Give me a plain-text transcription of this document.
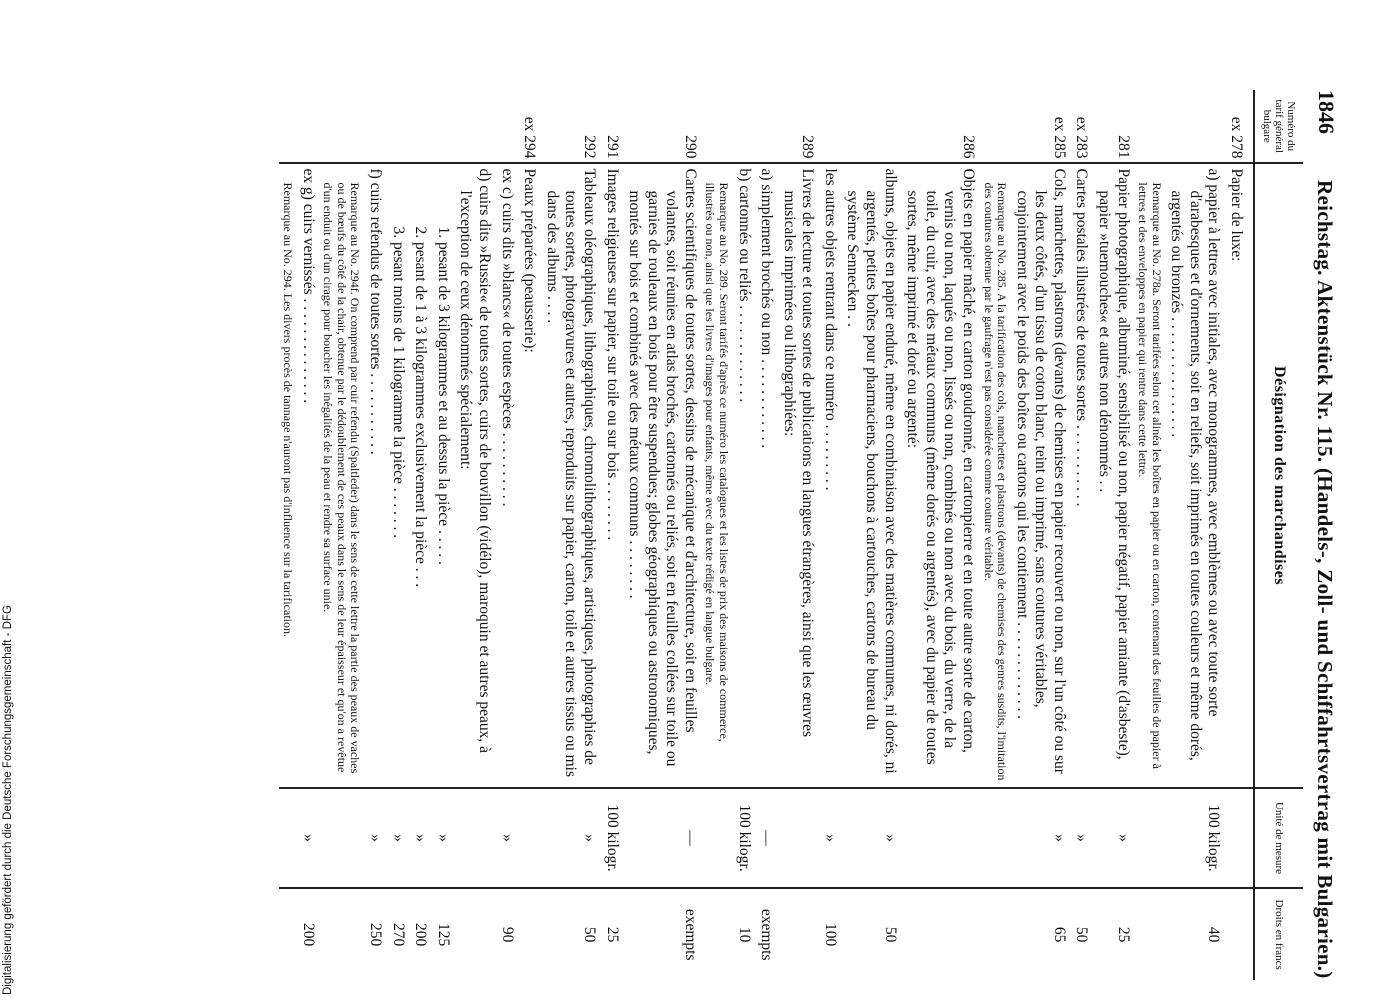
1846
Reichstag. Aktenstück Nr. 115. (Handels-, Zoll- und Schiffahrtsvertrag mit Bulgarien.)
Numéro du tarif général bulgare	Désignation des marchandises	Unité de mesure	Droits en francs
ex 278	Papier de luxe:		

	a) papier à lettres avec initiales, avec monogrammes, avec emblèmes ou avec toute sorte d'arabesques et d'ornements, soit en reliefs, soit imprimés en toutes couleurs et même dorés, argentés ou bronzés . . . . . . . . . . . . . . . .	100 kilogr.	40

	Remarque au No. 278a. Seront tarifées selon cet alinéa les boîtes en papier ou en carton, contenant des feuilles de papier à lettres et des enveloppes en papier qui rentre dans cette lettre.		

281	Papier photographique, albuminé, sensibilisé ou non, papier négatif, papier amiante (d'asbeste), papier »tuemouches« et autres non dénommés . .	»	25
ex 283	Cartes postales illustrées de toutes sortes . . . . . . . . . . .	»	50
ex 285	Cols, manchettes, plastrons (devants) de chemises en papier recouvert ou non, sur l'un côté ou sur les deux côtés, d'un tissu de coton blanc, teint ou imprimé, sans coutures véritables, conjointement avec le poids des boîtes ou cartons qui les contiennent . . . . . . . . . . . . .	»	65

	Remarque au No. 285. A la tarification des cols, manchettes et plastrons (devants) de chemises des genres susdits, l'imitation des coutures obtenue par le gaufrage n'est pas considérée comme couture véritable.		

286	Objets en papier mâché, en carton goudronné, en cartonpierre et en toute autre sorte de carton, vernis ou non, laqués ou non, lissés ou non, combinés ou non avec du bois, du verre, de la toile, du cuir, avec des métaux communs (même dorés ou argentés), avec du papier de toutes sortes, même imprimé et doré ou argenté:		

	albums, objets en papier enduré, même en combinaison avec des matières communes, ni dorés, ni argentés, petites boîtes pour pharmaciens, bouchons à cartouches, cartons de bureau du système Sennecken . .	»	50

	les autres objets rentrant dans ce numéro . . . . . . . . .	»	100
289	Livres de lecture et toutes sortes de publications en langues étrangères, ainsi que les œuvres musicales imprimées ou lithographiées:		

	a) simplement brochés ou non . . . . . . . . . . . .	—	exempts

	b) cartonnés ou reliés . . . . . . . . . . . . .	100 kilogr.	10

	Remarque au No. 289. Seront tarifés d'après ce numéro les catalogues et les listes de prix des maisons de commerce, illustrés ou non, ainsi que les livres d'images pour enfants, même avec du texte rédigé en langue bulgare.		

290	Cartes scientifiques de toutes sortes, dessins de mécanique et d'architecture, soit en feuilles volantes, soit réunies en atlas brochés, cartonnés ou reliés, soit en feuilles collées sur toile ou garnies de rouleaux en bois pour être suspendues; globes géographiques ou astronomiques, montés sur bois et combinés avec des métaux communs . . . . . . . .	—	exempts
291	Images religieuses sur papier, sur toile ou sur bois . . . . . . . .	100 kilogr.	25
292	Tableaux oléographiques, lithographiques, chromolithographiques, artistiques, photographies de toutes sortes, photogravures et autres, reproduits sur papier, carton, toile et autres tissus ou mis dans des albums . . . .	»	50
ex 294	Peaux préparées (peausserie):		

	ex c) cuirs dits »blancs« de toutes espèces . . . . . . . . . .	»	90

	d) cuirs dits »Russie« de toutes sortes, cuirs de bouvillon (vidélo), maroquin et autres peaux, à l'exception de ceux dénommés spécialement:		

	1. pesant de 3 kilogrammes et au dessus la pièce . . . . .	»	125

	2. pesant de 1 à 3 kilogrammes exclusivement la pièce . . .	»	200

	3. pesant moins de 1 kilogramme la pièce . . . . . . .	»	270

	f) cuirs refendus de toutes sortes . . . . . . . . . . .	»	250

	Remarque au No. 294f. On comprend par cuir refendu (Spaltleder) dans le sens de cette lettre la partie des peaux de vaches ou de bœufs du côté de la chair, obtenue par le dédoublement de ces peaux dans le sens de leur épaisseur et qu'on a revêtue d'un enduit ou d'un cirage pour boucher les inégalités de la peau et rendre sa surface unie.		

	ex g) cuirs vernissés . . . . . . . . . . . . . .	»	200

	Remarque au No. 294. Les divers procès de tannage n'auront pas d'influence sur la tarification.		

Digitalisierung gefördert durch die Deutsche Forschungsgemeinschaft - DFG
